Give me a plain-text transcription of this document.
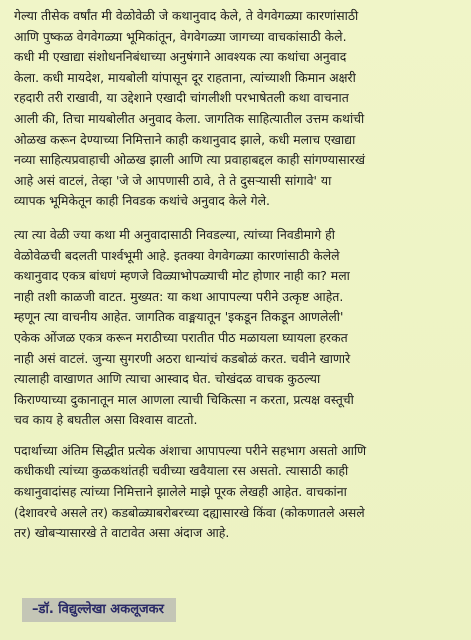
गेल्या तीसेक वर्षांत मी वेळोवेळी जे कथानुवाद केले, ते वेगवेगळ्या कारणांसाठी
आणि पुष्कळ वेगवेगळ्या भूमिकांतून, वेगवेगळ्या जागच्या वाचकांसाठी केले.
कधी मी एखाद्या संशोधननिबंधाच्या अनुषंगाने आवश्यक त्या कथांचा अनुवाद
केला. कधी मायदेश, मायबोली यांपासून दूर राहताना, त्यांच्याशी किमान अक्षरी
रहदारी तरी राखावी, या उद्देशाने एखादी चांगलीशी परभाषेतली कथा वाचनात
आली की, तिचा मायबोलीत अनुवाद केला. जागतिक साहित्यातील उत्तम कथांची
ओळख करून देण्याच्या निमित्ताने काही कथानुवाद झाले, कधी मलाच एखाद्या
नव्या साहित्यप्रवाहाची ओळख झाली आणि त्या प्रवाहाबद्दल काही सांगण्यासारखं
आहे असं वाटलं, तेव्हा 'जे जे आपणासी ठावे, ते ते दुसऱ्यासी सांगावे' या
व्यापक भूमिकेतून काही निवडक कथांचे अनुवाद केले गेले.
त्या त्या वेळी ज्या कथा मी अनुवादासाठी निवडल्या, त्यांच्या निवडीमागे ही
वेळोवेळची बदलती पार्श्वभूमी आहे. इतक्या वेगवेगळ्या कारणांसाठी केलेले
कथानुवाद एकत्र बांधणं म्हणजे विळ्याभोपळ्याची मोट होणार नाही का? मला
नाही तशी काळजी वाटत. मुख्यत: या कथा आपापल्या परीने उत्कृष्ट आहेत.
म्हणून त्या वाचनीय आहेत. जागतिक वाङ्मयातून 'इकडून तिकडून आणलेली'
एकेक ओंजळ एकत्र करून मराठीच्या परातीत पीठ मळायला घ्यायला हरकत
नाही असं वाटलं. जुन्या सुगरणी अठरा धान्यांचं कडबोळं करत. चवीने खाणारे
त्यालाही वाखाणत आणि त्याचा आस्वाद घेत. चोखंदळ वाचक कुठल्या
किराण्याच्या दुकानातून माल आणला त्याची चिकित्सा न करता, प्रत्यक्ष वस्तूची
चव काय हे बघतील असा विश्वास वाटतो.
पदार्थाच्या अंतिम सिद्धीत प्रत्येक अंशाचा आपापल्या परीने सहभाग असतो आणि
कधीकधी त्यांच्या कुळकथांतही चवीच्या खवैयाला रस असतो. त्यासाठी काही
कथानुवादांसह त्यांच्या निमित्ताने झालेले माझे पूरक लेखही आहेत. वाचकांना
(देशावरचे असले तर) कडबोळ्याबरोबरच्या दह्यासारखे किंवा (कोकणातले असले
तर) खोबऱ्यासारखे ते वाटावेत असा अंदाज आहे.
–डॉ. विद्युल्लेखा अकलूजकर
